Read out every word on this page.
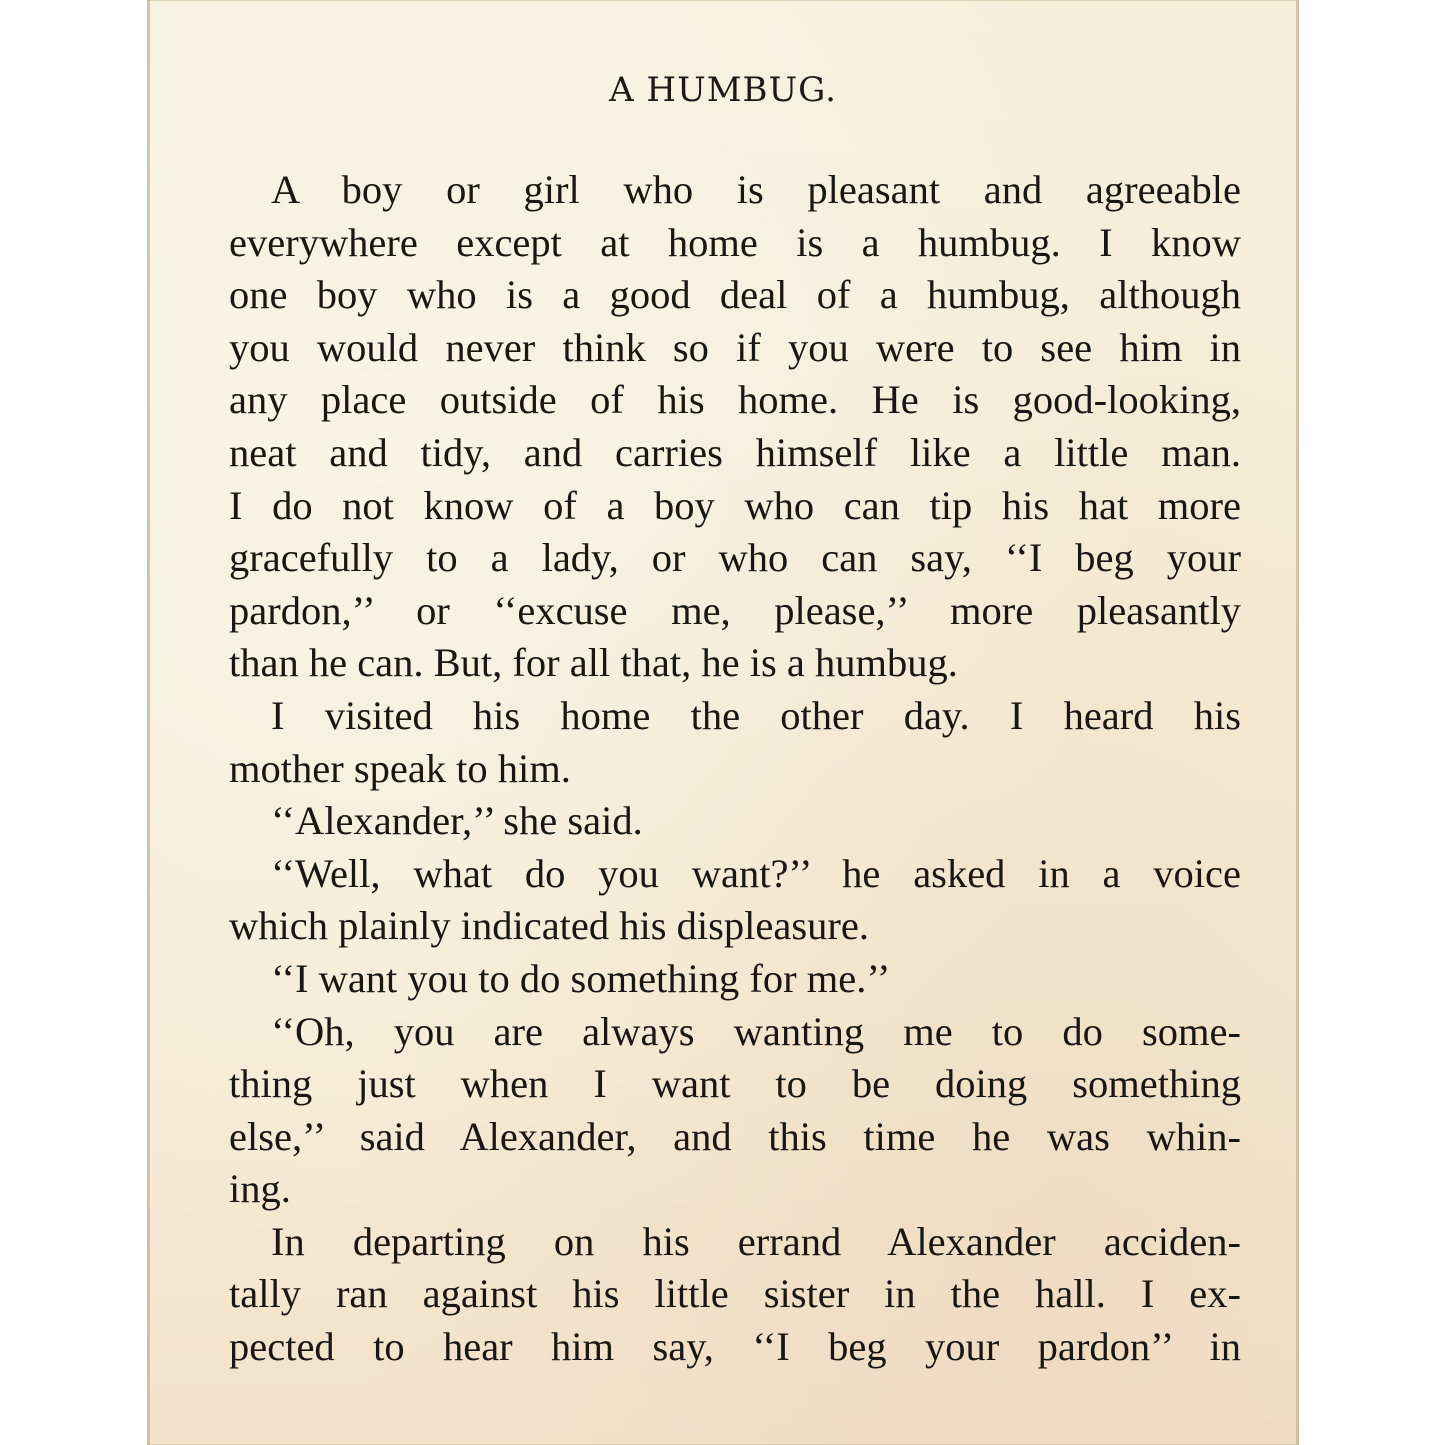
A HUMBUG.
A boy or girl who is pleasant and agreeable
everywhere except at home is a humbug. I know
one boy who is a good deal of a humbug, although
you would never think so if you were to see him in
any place outside of his home. He is good-looking,
neat and tidy, and carries himself like a little man.
I do not know of a boy who can tip his hat more
gracefully to a lady, or who can say, ‘‘I beg your
pardon,’’ or ‘‘excuse me, please,’’ more pleasantly
than he can. But, for all that, he is a humbug.
I visited his home the other day. I heard his
mother speak to him.
‘‘Alexander,’’ she said.
‘‘Well, what do you want?’’ he asked in a voice
which plainly indicated his displeasure.
‘‘I want you to do something for me.’’
‘‘Oh, you are always wanting me to do some-
thing just when I want to be doing something
else,’’ said Alexander, and this time he was whin-
ing.
In departing on his errand Alexander acciden-
tally ran against his little sister in the hall. I ex-
pected to hear him say, ‘‘I beg your pardon’’ in
